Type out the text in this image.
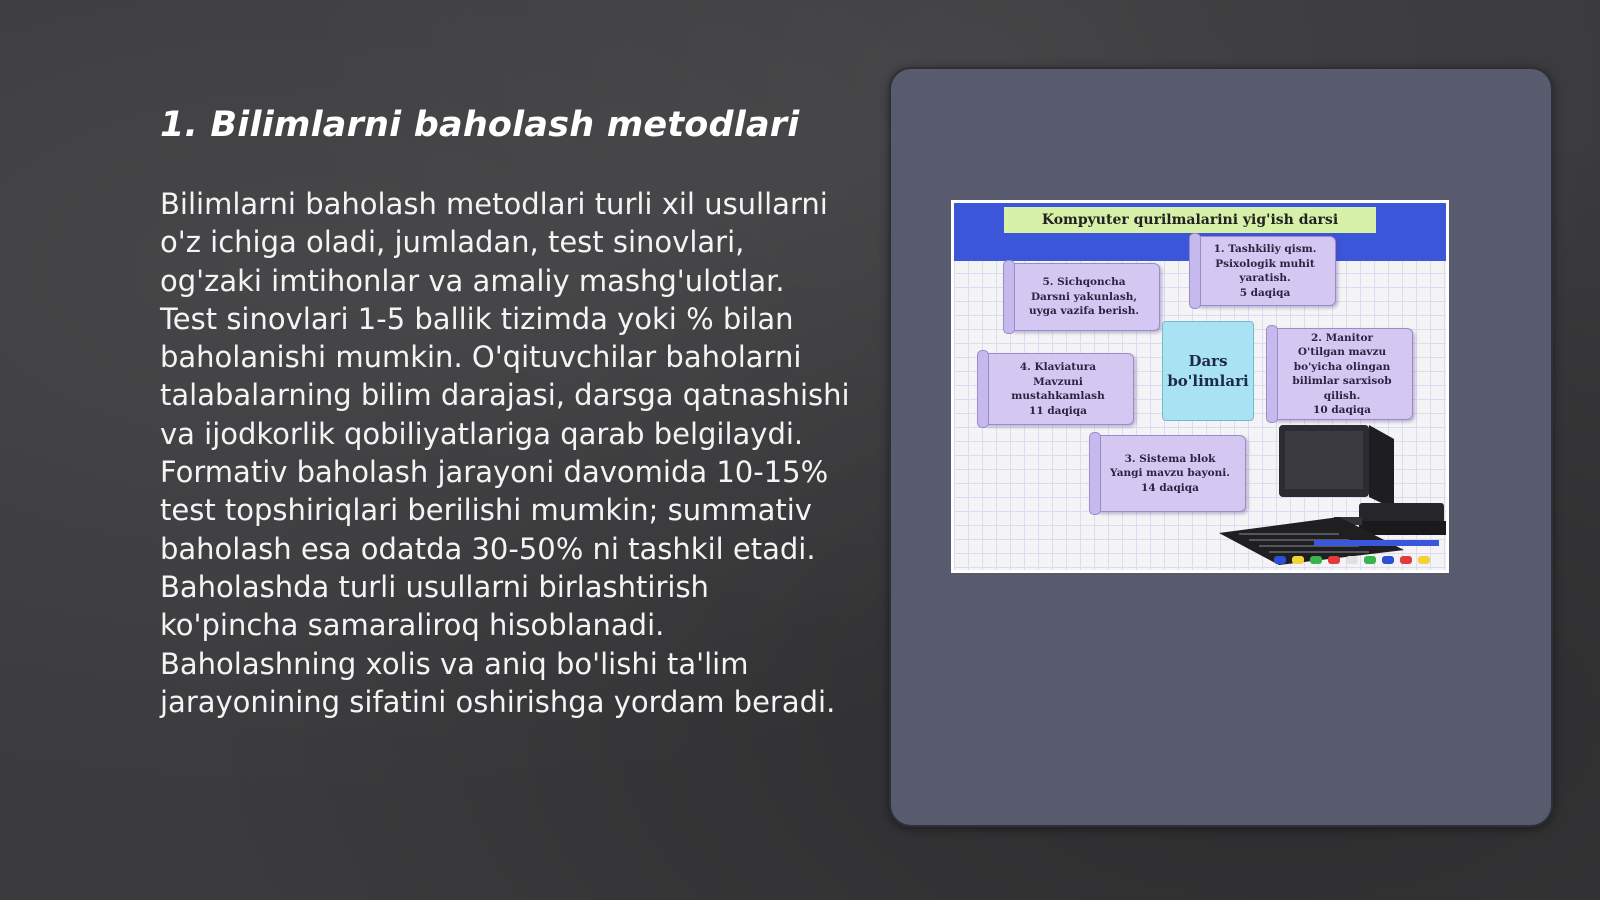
1. Bilimlarni baholash metodlari

Bilimlarni baholash metodlari turli xil usullarni o'z ichiga oladi, jumladan, test sinovlari, og'zaki imtihonlar va amaliy mashg'ulotlar. Test sinovlari 1-5 ballik tizimda yoki % bilan baholanishi mumkin. O'qituvchilar baholarni talabalarning bilim darajasi, darsga qatnashishi va ijodkorlik qobiliyatlariga qarab belgilaydi. Formativ baholash jarayoni davomida 10-15% test topshiriqlari berilishi mumkin; summativ baholash esa odatda 30-50% ni tashkil etadi. Baholashda turli usullarni birlashtirish ko'pincha samaraliroq hisoblanadi. Baholashning xolis va aniq bo'lishi ta'lim jarayonining sifatini oshirishga yordam beradi.

Kompyuter qurilmalarini yig'ish darsi
1. Tashkiliy qism.
Psixologik muhit
yaratish.
5 daqiqa
5. Sichqoncha
Darsni yakunlash,
uyga vazifa berish.
Dars
bo'limlari
2. Manitor
O'tilgan mavzu
bo'yicha olingan
bilimlar sarxisob
qilish.
10 daqiqa
4. Klaviatura
Mavzuni
mustahkamlash
11 daqiqa
3. Sistema blok
Yangi mavzu bayoni.
14 daqiqa
